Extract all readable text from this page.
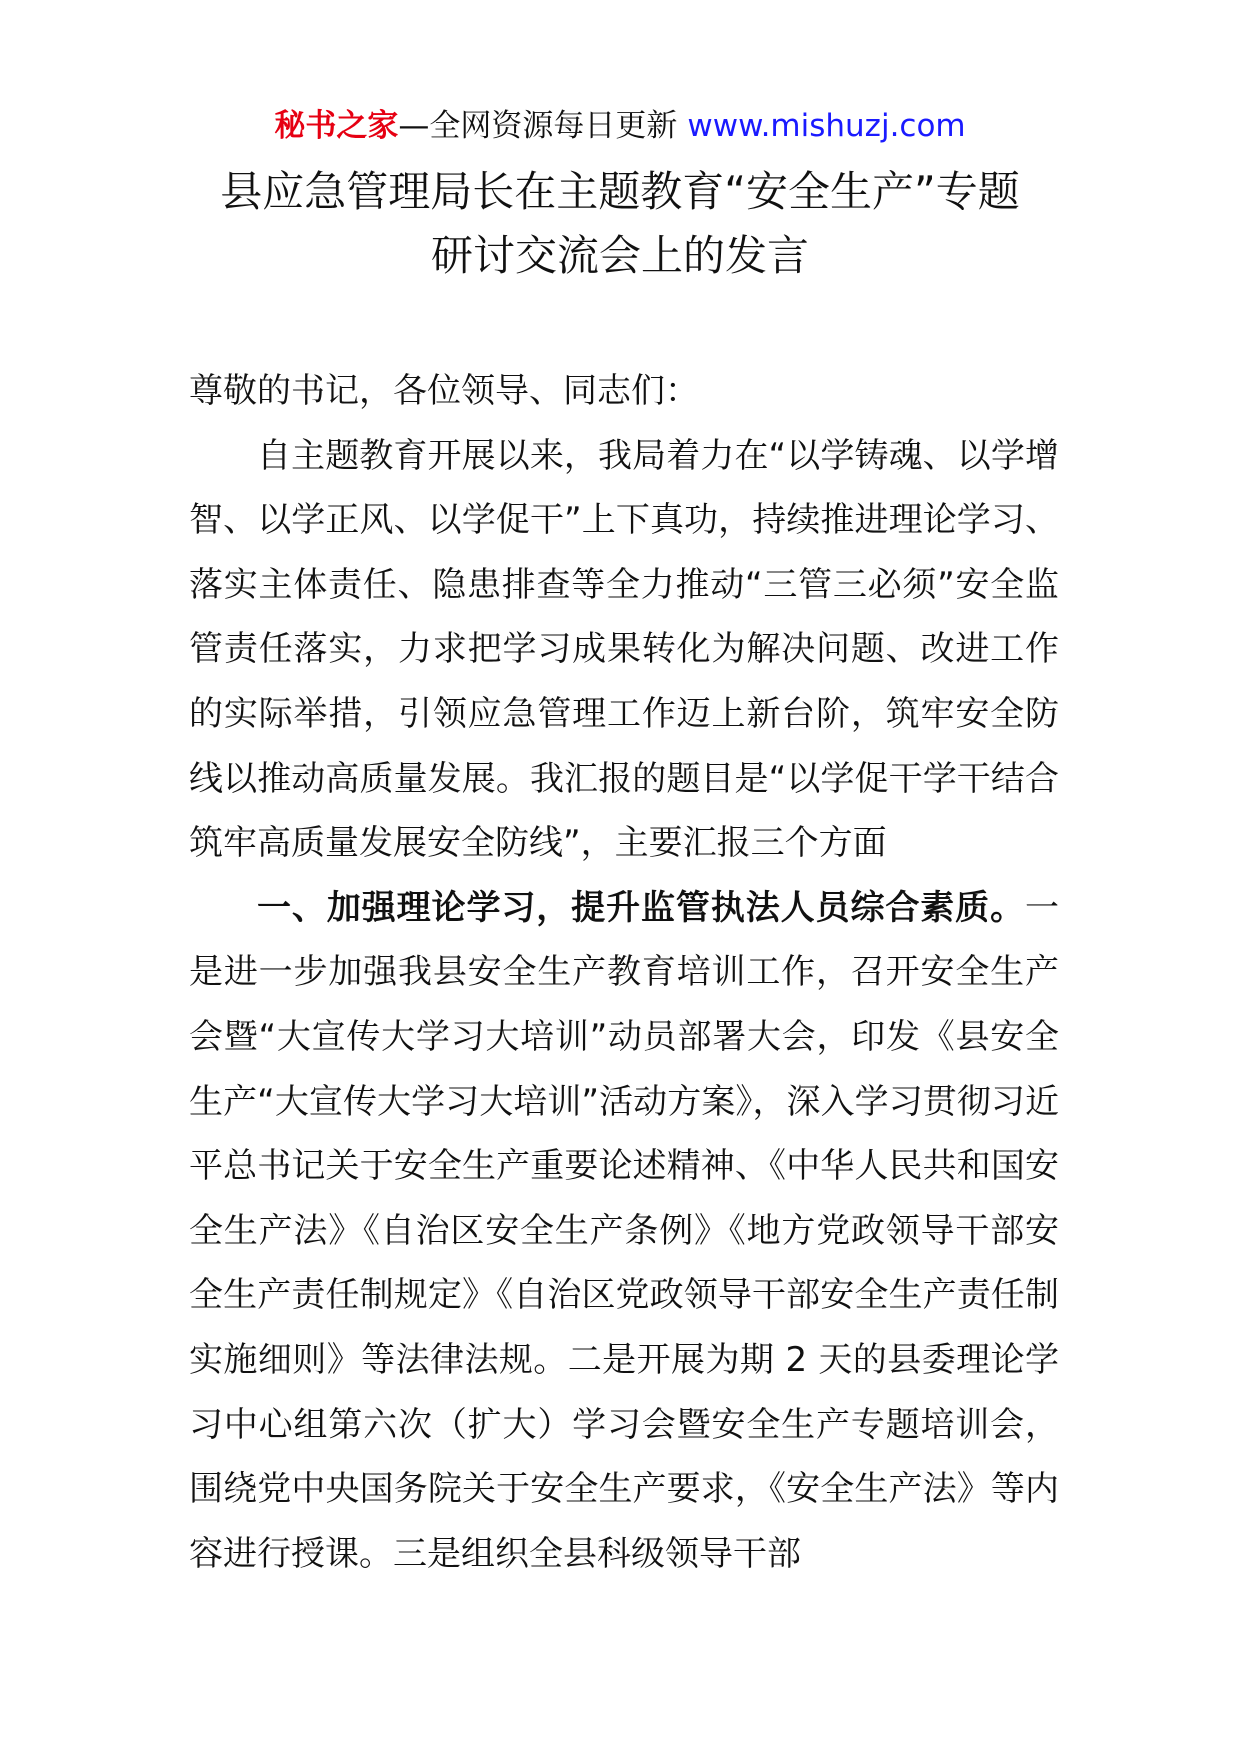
秘书之家—全网资源每日更新 www.mishuzj.com
县应急管理局长在主题教育“安全生产”专题
研讨交流会上的发言

尊敬的书记，各位领导、同志们：

自主题教育开展以来，我局着力在“以学铸魂、以学增智、以学正风、以学促干”上下真功，持续推进理论学习、落实主体责任、隐患排查等全力推动“三管三必须”安全监管责任落实，力求把学习成果转化为解决问题、改进工作的实际举措，引领应急管理工作迈上新台阶，筑牢安全防线以推动高质量发展。我汇报的题目是“以学促干学干结合筑牢高质量发展安全防线”，主要汇报三个方面

一、加强理论学习，提升监管执法人员综合素质。一是进一步加强我县安全生产教育培训工作，召开安全生产会暨“大宣传大学习大培训”动员部署大会，印发《县安全生产“大宣传大学习大培训”活动方案》，深入学习贯彻习近平总书记关于安全生产重要论述精神、《中华人民共和国安全生产法》《自治区安全生产条例》《地方党政领导干部安全生产责任制规定》《自治区党政领导干部安全生产责任制实施细则》等法律法规。二是开展为期 2 天的县委理论学习中心组第六次（扩大）学习会暨安全生产专题培训会，围绕党中央国务院关于安全生产要求，《安全生产法》等内容进行授课。三是组织全县科级领导干部
